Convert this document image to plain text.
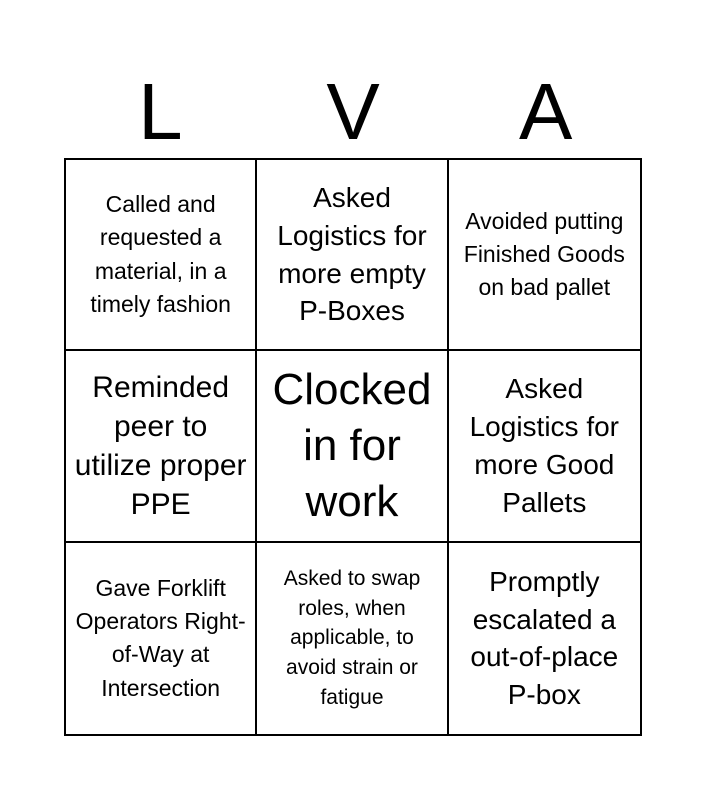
L	V	A
Called and requested a material, in a timely fashion
Asked Logistics for more empty P-Boxes
Avoided putting Finished Goods on bad pallet
Reminded peer to utilize proper PPE
Clocked in for work
Asked Logistics for more Good Pallets
Gave Forklift Operators Right-of-Way at Intersection
Asked to swap roles, when applicable, to avoid strain or fatigue
Promptly escalated a out-of-place P-box
